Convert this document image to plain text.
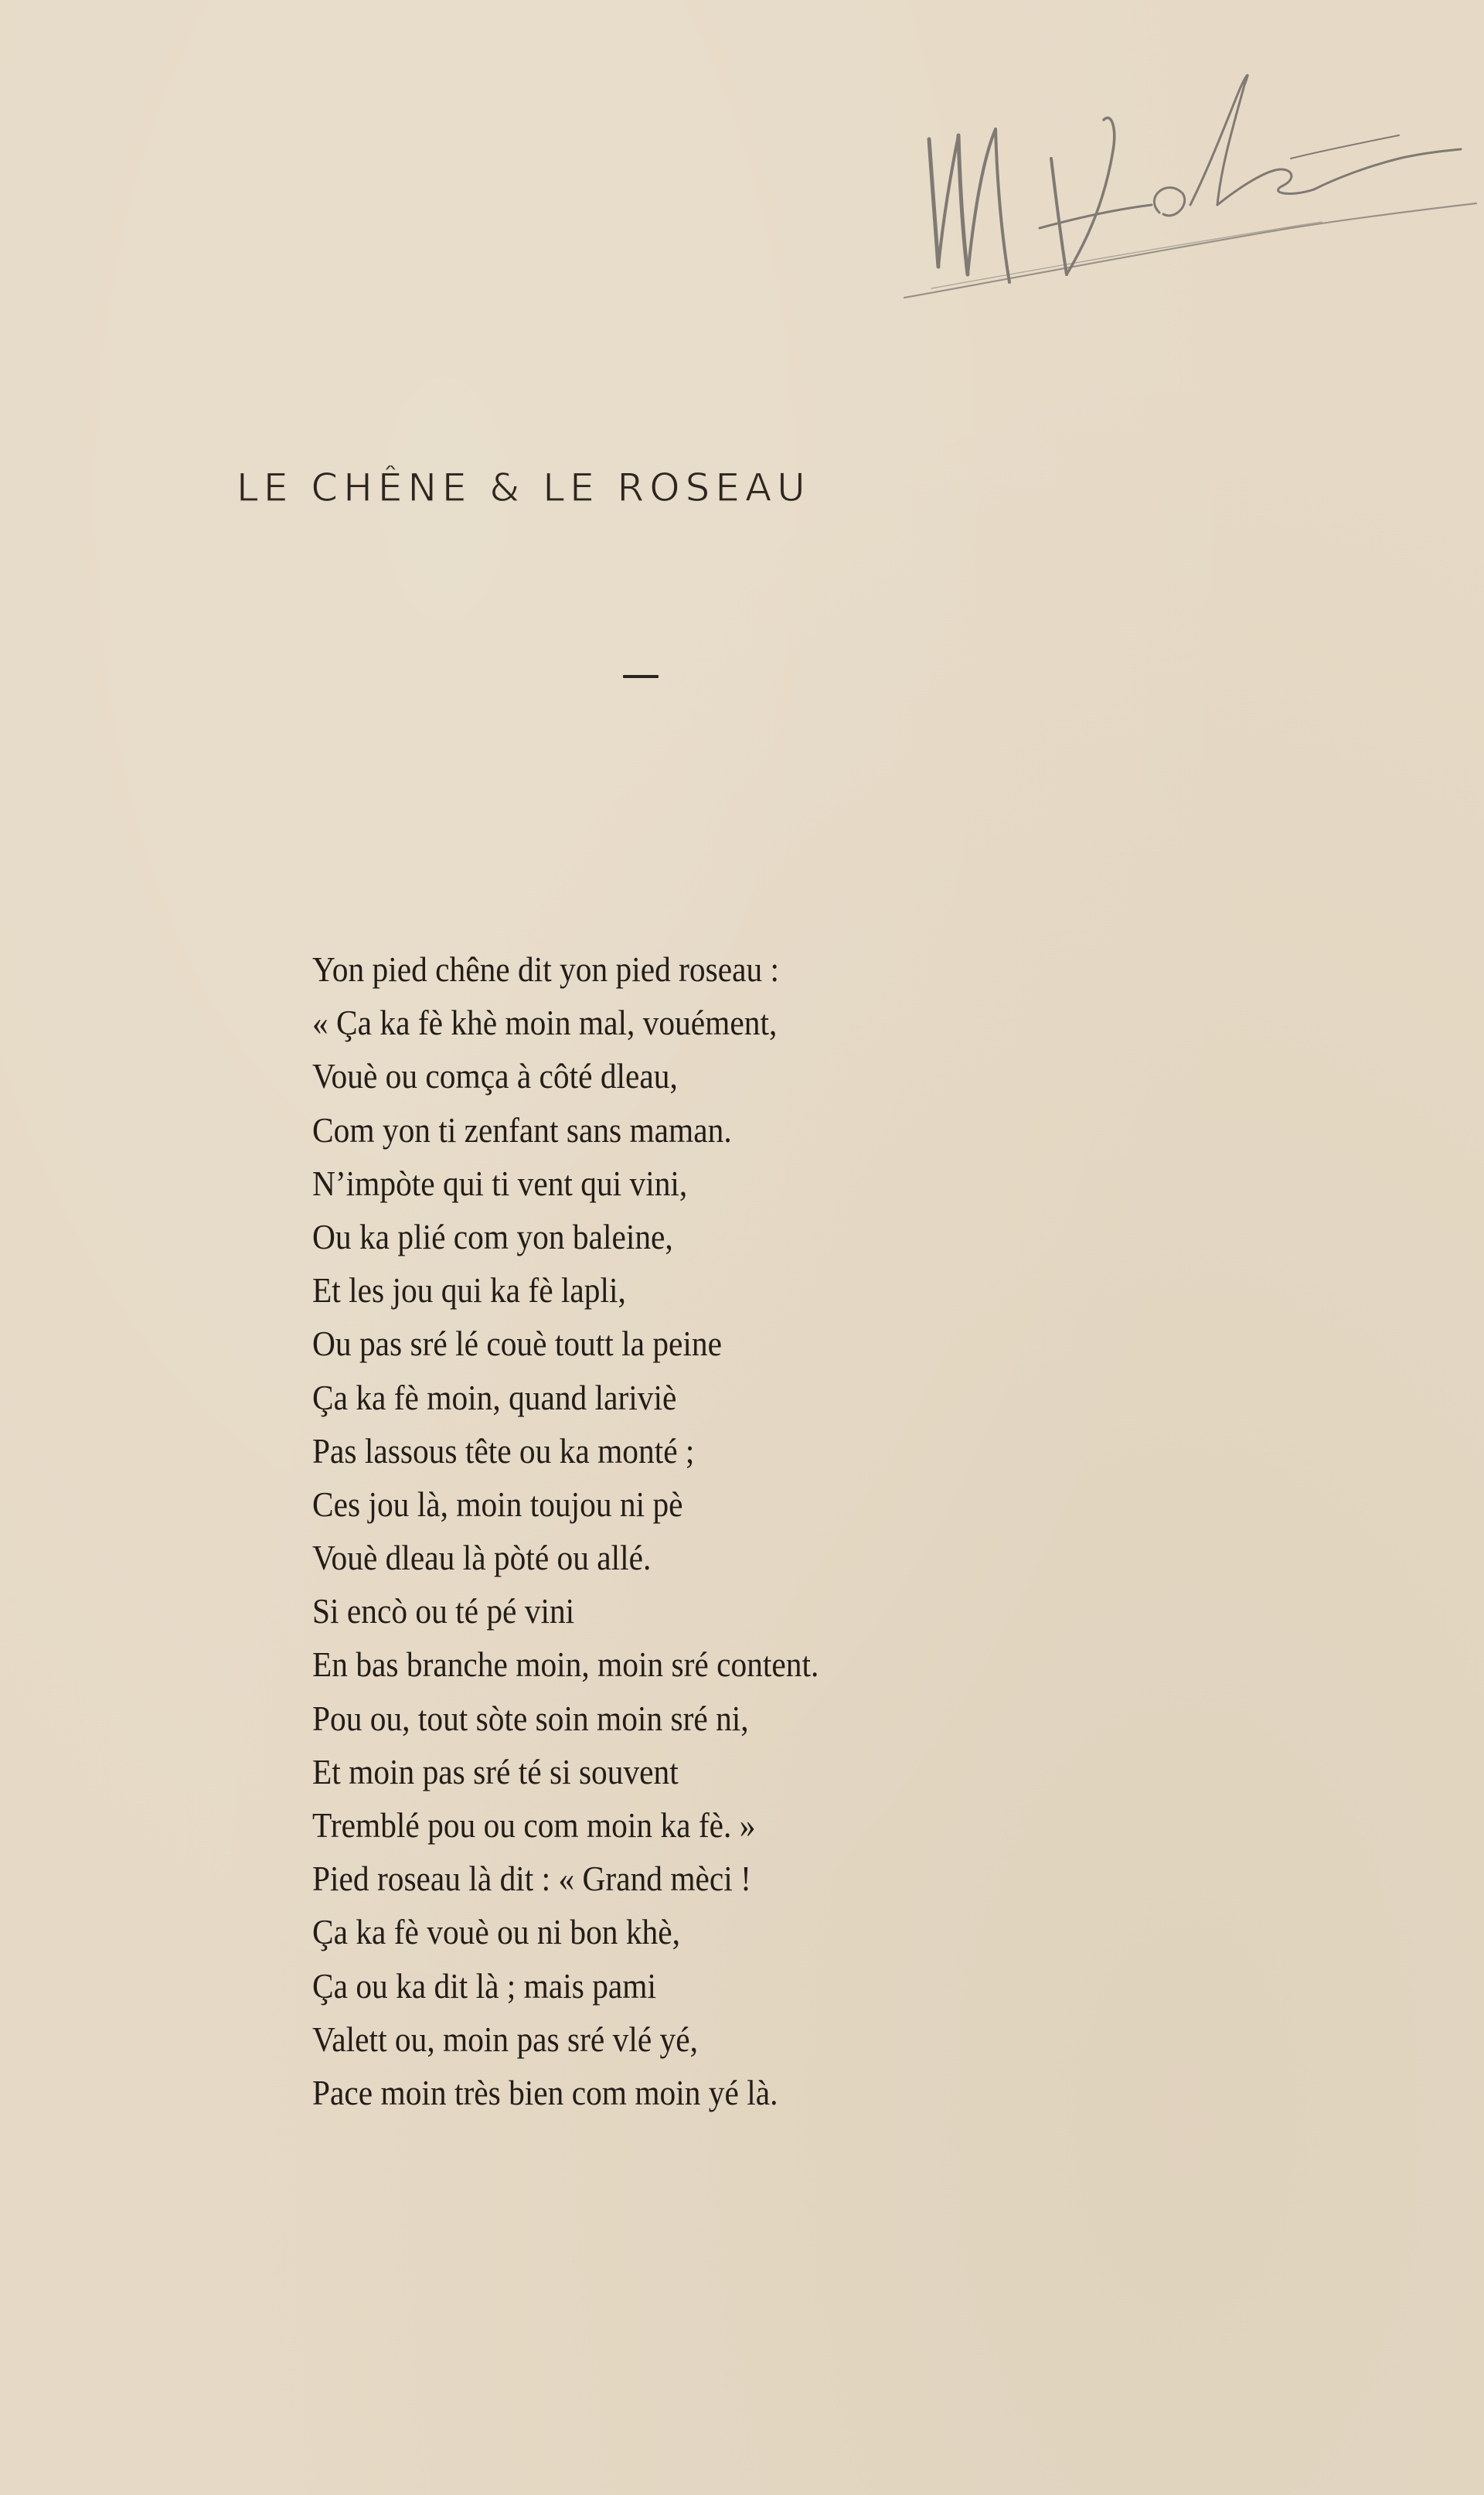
LE CHÊNE & LE ROSEAU
Yon pied chêne dit yon pied roseau :
« Ça ka fè khè moin mal, vouément,
Vouè ou comça à côté dleau,
Com yon ti zenfant sans maman.
N’impòte qui ti vent qui vini,
Ou ka plié com yon baleine,
Et les jou qui ka fè lapli,
Ou pas sré lé couè toutt la peine
Ça ka fè moin, quand lariviè
Pas lassous tête ou ka monté ;
Ces jou là, moin toujou ni pè
Vouè dleau là pòté ou allé.
Si encò ou té pé vini
En bas branche moin, moin sré content.
Pou ou, tout sòte soin moin sré ni,
Et moin pas sré té si souvent
Tremblé pou ou com moin ka fè. »
Pied roseau là dit : « Grand mèci !
Ça ka fè vouè ou ni bon khè,
Ça ou ka dit là ; mais pami
Valett ou, moin pas sré vlé yé,
Pace moin très bien com moin yé là.
